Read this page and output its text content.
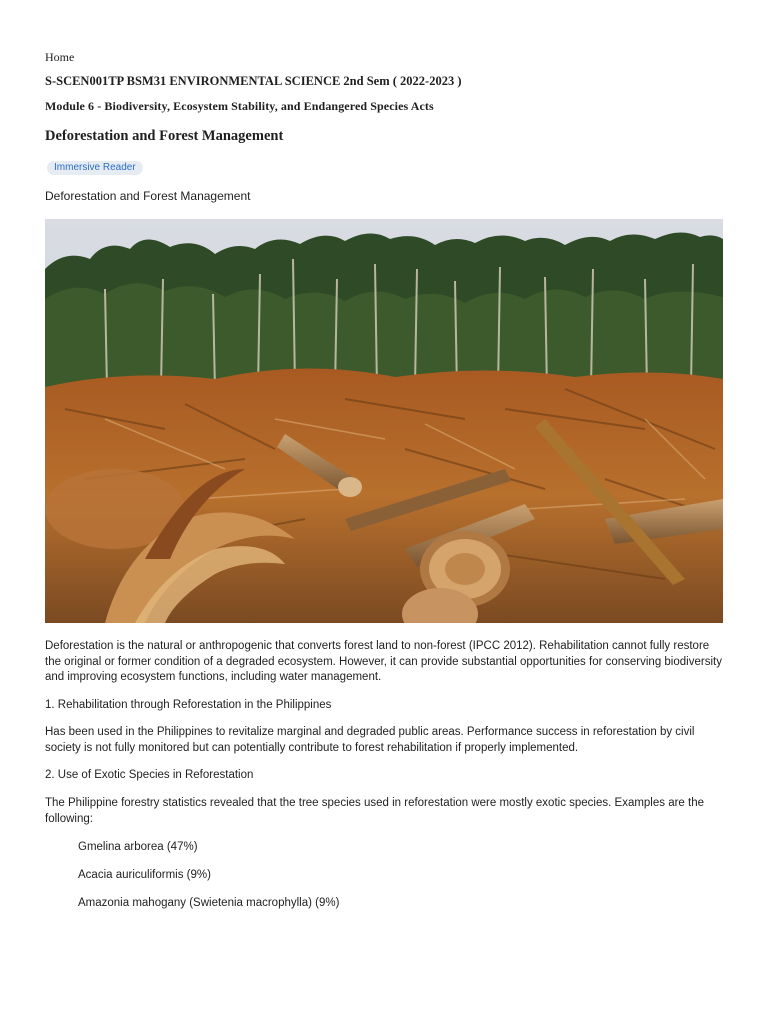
Home
S-SCEN001TP BSM31 ENVIRONMENTAL SCIENCE 2nd Sem ( 2022-2023 )
Module 6 - Biodiversity, Ecosystem Stability, and Endangered Species Acts
Deforestation and Forest Management
Immersive Reader
Deforestation and Forest Management

Deforestation is the natural or anthropogenic that converts forest land to non-forest (IPCC 2012). Rehabilitation cannot fully restore the original or former condition of a degraded ecosystem. However, it can provide substantial opportunities for conserving biodiversity and improving ecosystem functions, including water management.

1. Rehabilitation through Reforestation in the Philippines

Has been used in the Philippines to revitalize marginal and degraded public areas. Performance success in reforestation by civil society is not fully monitored but can potentially contribute to forest rehabilitation if properly implemented.

2. Use of Exotic Species in Reforestation

The Philippine forestry statistics revealed that the tree species used in reforestation were mostly exotic species. Examples are the following:

Gmelina arborea (47%)

Acacia auriculiformis (9%)

Amazonia mahogany (Swietenia macrophylla) (9%)
